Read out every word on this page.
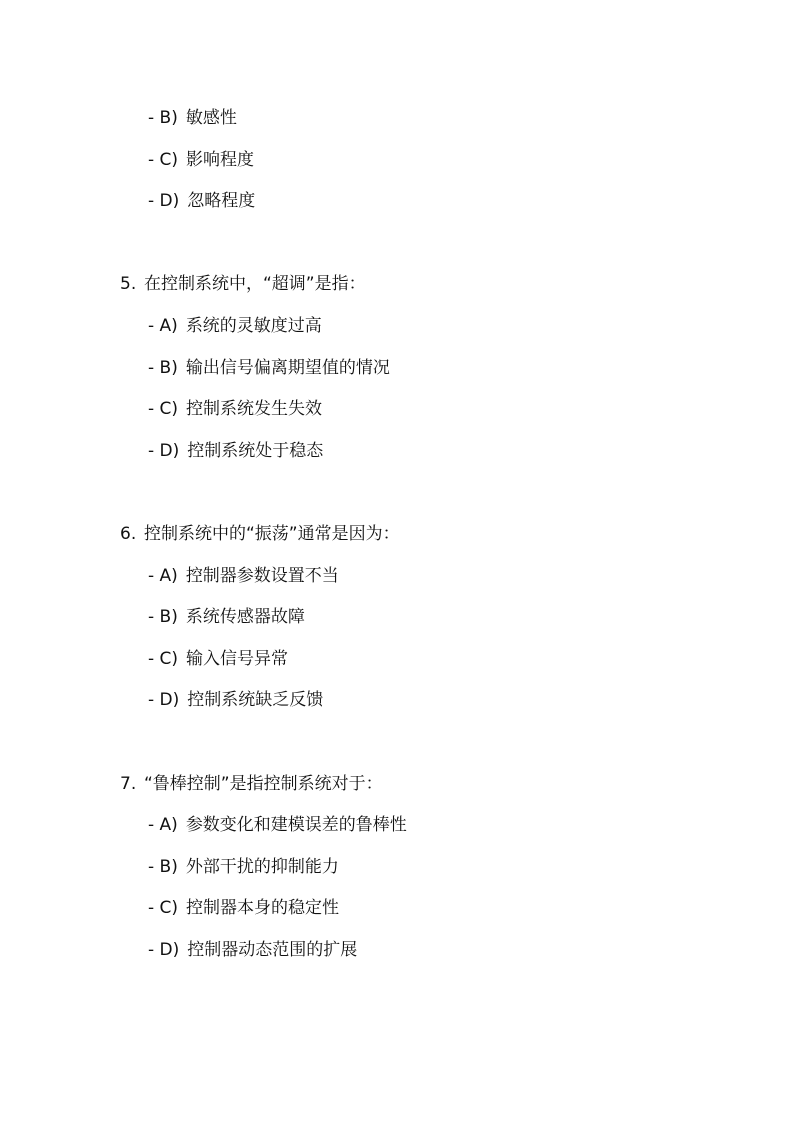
- B) 敏感性
- C) 影响程度
- D) 忽略程度
5. 在控制系统中，“超调”是指：
- A) 系统的灵敏度过高
- B) 输出信号偏离期望值的情况
- C) 控制系统发生失效
- D) 控制系统处于稳态
6. 控制系统中的“振荡”通常是因为：
- A) 控制器参数设置不当
- B) 系统传感器故障
- C) 输入信号异常
- D) 控制系统缺乏反馈
7. “鲁棒控制”是指控制系统对于：
- A) 参数变化和建模误差的鲁棒性
- B) 外部干扰的抑制能力
- C) 控制器本身的稳定性
- D) 控制器动态范围的扩展
